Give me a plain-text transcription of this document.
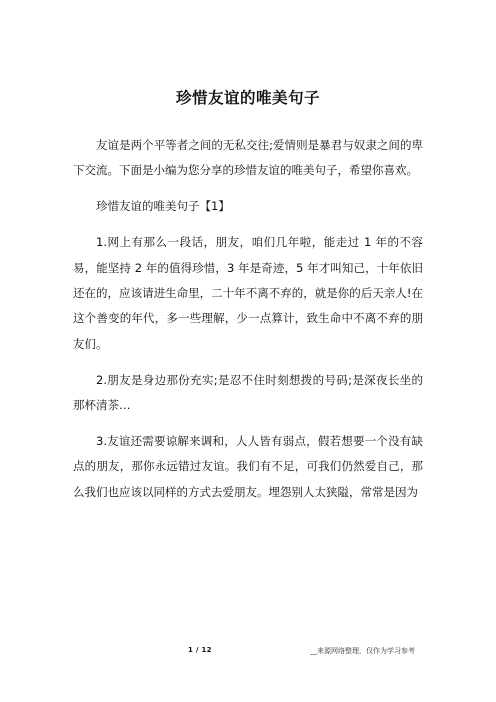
珍惜友谊的唯美句子

友谊是两个平等者之间的无私交往;爱情则是暴君与奴隶之间的卑下交流。下面是小编为您分享的珍惜友谊的唯美句子，希望你喜欢。

珍惜友谊的唯美句子【1】

1.网上有那么一段话，朋友，咱们几年啦，能走过 1 年的不容易，能坚持 2 年的值得珍惜，3 年是奇迹，5 年才叫知己，十年依旧还在的，应该请进生命里，二十年不离不弃的，就是你的后天亲人!在这个善变的年代，多一些理解，少一点算计，致生命中不离不弃的朋友们。

2.朋友是身边那份充实;是忍不住时刻想拨的号码;是深夜长坐的那杯清茶…

3.友谊还需要谅解来调和，人人皆有弱点，假若想要一个没有缺点的朋友，那你永远错过友谊。我们有不足，可我们仍然爱自己，那么我们也应该以同样的方式去爱朋友。埋怨别人太狭隘，常常是因为

1 / 12	__来源网络整理，仅作为学习参考
